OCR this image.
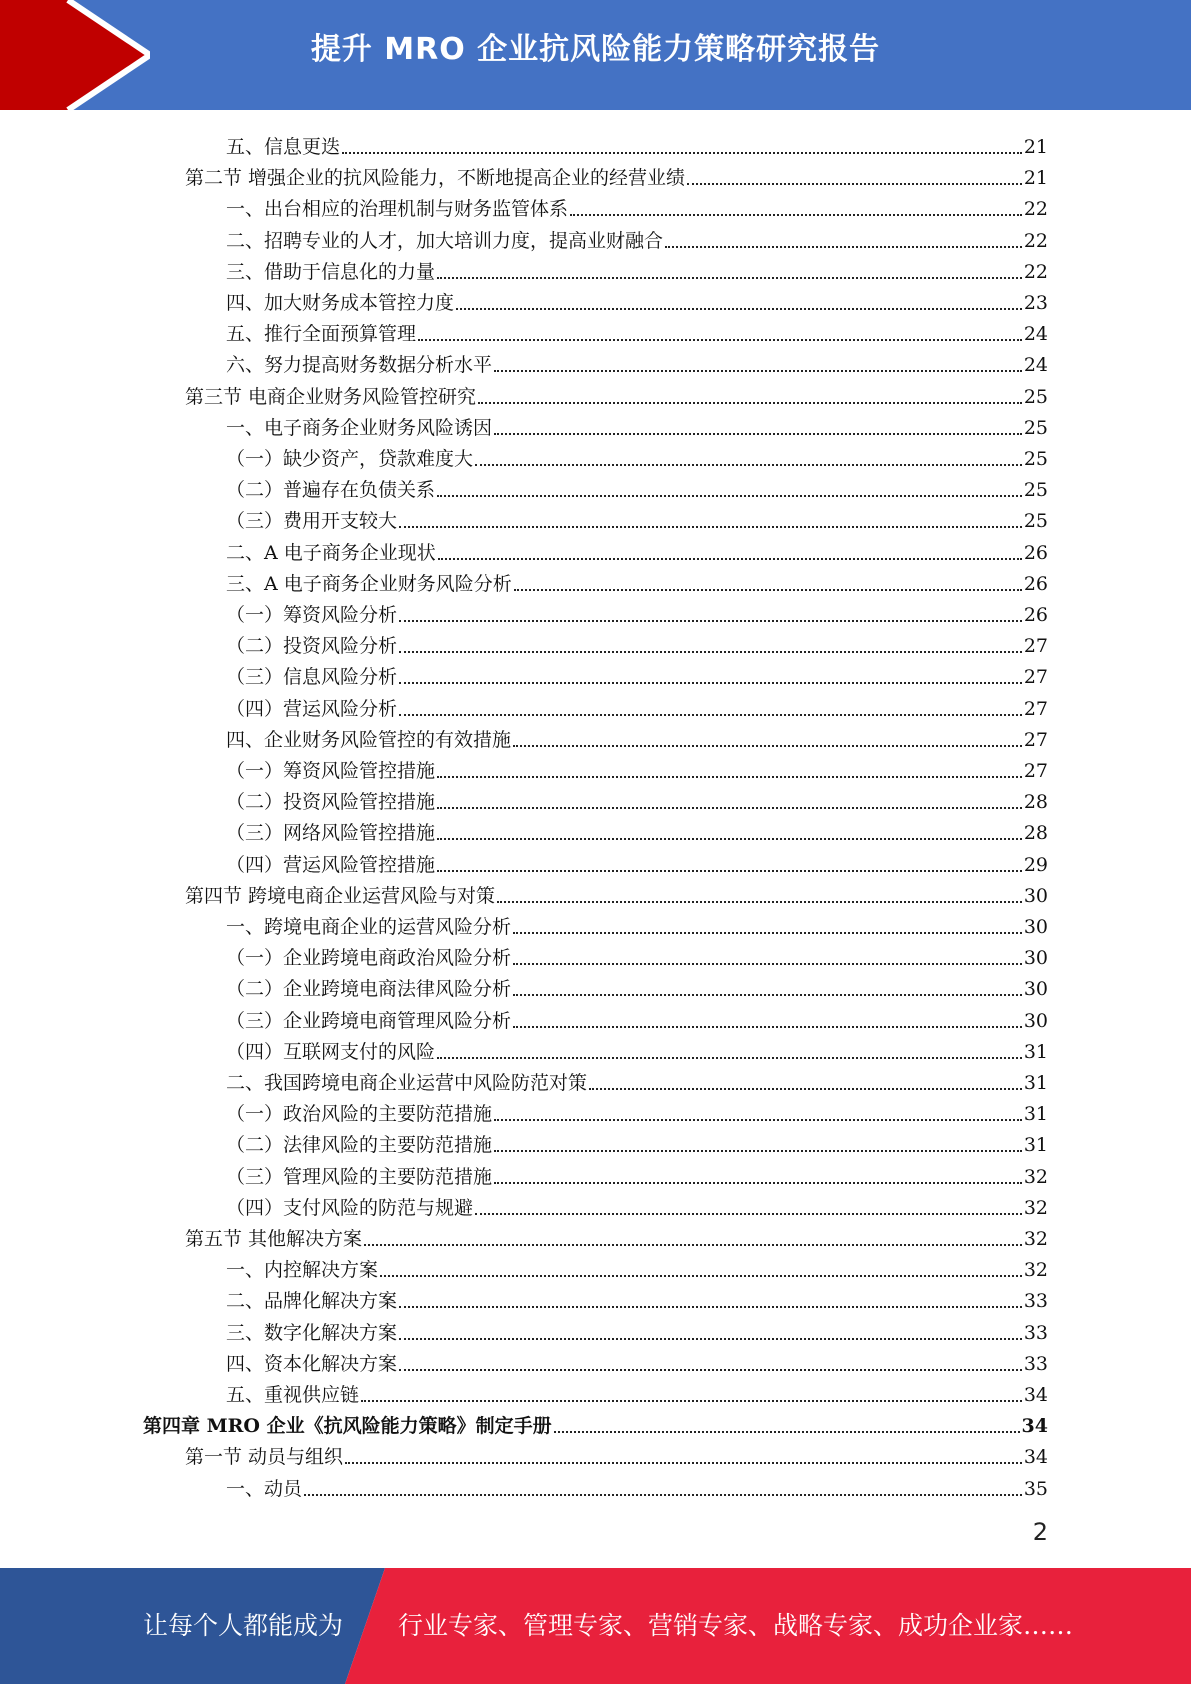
提升 MRO 企业抗风险能力策略研究报告
五、信息更迭	21
第二节 增强企业的抗风险能力，不断地提高企业的经营业绩	21
一、出台相应的治理机制与财务监管体系	22
二、招聘专业的人才，加大培训力度，提高业财融合	22
三、借助于信息化的力量	22
四、加大财务成本管控力度	23
五、推行全面预算管理	24
六、努力提高财务数据分析水平	24
第三节 电商企业财务风险管控研究	25
一、电子商务企业财务风险诱因	25
（一）缺少资产，贷款难度大	25
（二）普遍存在负债关系	25
（三）费用开支较大	25
二、A 电子商务企业现状	26
三、A 电子商务企业财务风险分析	26
（一）筹资风险分析	26
（二）投资风险分析	27
（三）信息风险分析	27
（四）营运风险分析	27
四、企业财务风险管控的有效措施	27
（一）筹资风险管控措施	27
（二）投资风险管控措施	28
（三）网络风险管控措施	28
（四）营运风险管控措施	29
第四节 跨境电商企业运营风险与对策	30
一、跨境电商企业的运营风险分析	30
（一）企业跨境电商政治风险分析	30
（二）企业跨境电商法律风险分析	30
（三）企业跨境电商管理风险分析	30
（四）互联网支付的风险	31
二、我国跨境电商企业运营中风险防范对策	31
（一）政治风险的主要防范措施	31
（二）法律风险的主要防范措施	31
（三）管理风险的主要防范措施	32
（四）支付风险的防范与规避	32
第五节 其他解决方案	32
一、内控解决方案	32
二、品牌化解决方案	33
三、数字化解决方案	33
四、资本化解决方案	33
五、重视供应链	34
第四章 MRO 企业《抗风险能力策略》制定手册	34
第一节 动员与组织	34
一、动员	35
2
让每个人都能成为 行业专家、管理专家、营销专家、战略专家、成功企业家……
